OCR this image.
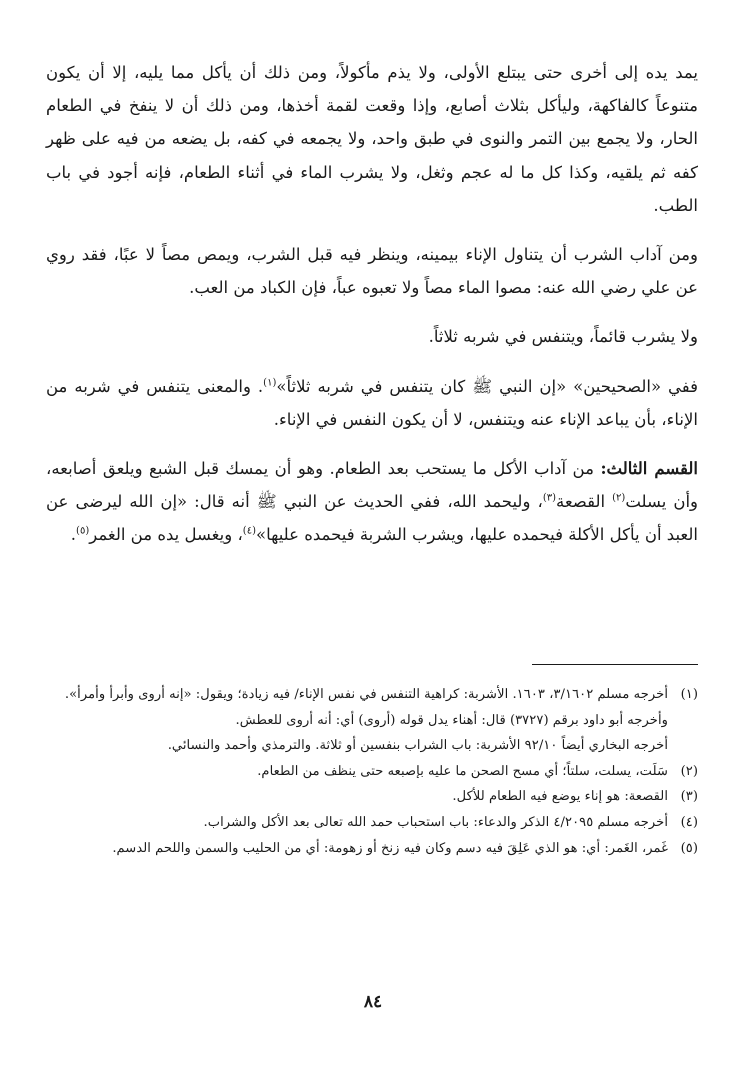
يمد يده إلى أخرى حتى يبتلع الأولى، ولا يذم مأكولاً، ومن ذلك أن يأكل مما يليه، إلا أن يكون متنوعاً كالفاكهة، وليأكل بثلاث أصابع، وإذا وقعت لقمة أخذها، ومن ذلك أن لا ينفخ في الطعام الحار، ولا يجمع بين التمر والنوى في طبق واحد، ولا يجمعه في كفه، بل يضعه من فيه على ظهر كفه ثم يلقيه، وكذا كل ما له عجم وثغل، ولا يشرب الماء في أثناء الطعام، فإنه أجود في باب الطب.

ومن آداب الشرب أن يتناول الإناء بيمينه، وينظر فيه قبل الشرب، ويمص مصاً لا عبًا، فقد روي عن علي رضي الله عنه: مصوا الماء مصاً ولا تعبوه عباً، فإن الكباد من العب.

ولا يشرب قائماً، ويتنفس في شربه ثلاثاً.

ففي «الصحيحين» «إن النبي ﷺ كان يتنفس في شربه ثلاثاً»$^{(١)}$. والمعنى يتنفس في شربه من الإناء، بأن يباعد الإناء عنه ويتنفس، لا أن يكون النفس في الإناء.

القسم الثالث: من آداب الأكل ما يستحب بعد الطعام. وهو أن يمسك قبل الشبع ويلعق أصابعه، وأن يسلت$^{(٢)}$ القصعة$^{(٣)}$، وليحمد الله، ففي الحديث عن النبي ﷺ أنه قال: «إن الله ليرضى عن العبد أن يأكل الأكلة فيحمده عليها، ويشرب الشربة فيحمده عليها»$^{(٤)}$، ويغسل يده من الغمر$^{(٥)}$.

(١)
أخرجه مسلم ٣/١٦٠٢، ١٦٠٣. الأشربة: كراهية التنفس في نفس الإناء/ فيه زيادة؛ ويقول: «إنه أروى وأبرأ وأمرأ».
وأخرجه أبو داود برقم (٣٧٢٧) قال: أهناء يدل قوله (أروى) أي: أنه أروى للعطش.
أخرجه البخاري أيضاً ٩٢/١٠ الأشربة: باب الشراب بنفسين أو ثلاثة. والترمذي وأحمد والنسائي.
(٢)
سَلَت، يسلت، سلتاً؛ أي مسح الصحن ما عليه بإصبعه حتى ينظف من الطعام.
(٣)
القصعة: هو إناء يوضع فيه الطعام للأكل.
(٤)
أخرجه مسلم ٤/٢٠٩٥ الذكر والدعاء: باب استحباب حمد الله تعالى بعد الأكل والشراب.
(٥)
غَمر، الغَمر: أي: هو الذي عَلِقَ فيه دسم وكان فيه زنخ أو زهومة: أي من الحليب والسمن واللحم الدسم.
٨٤
